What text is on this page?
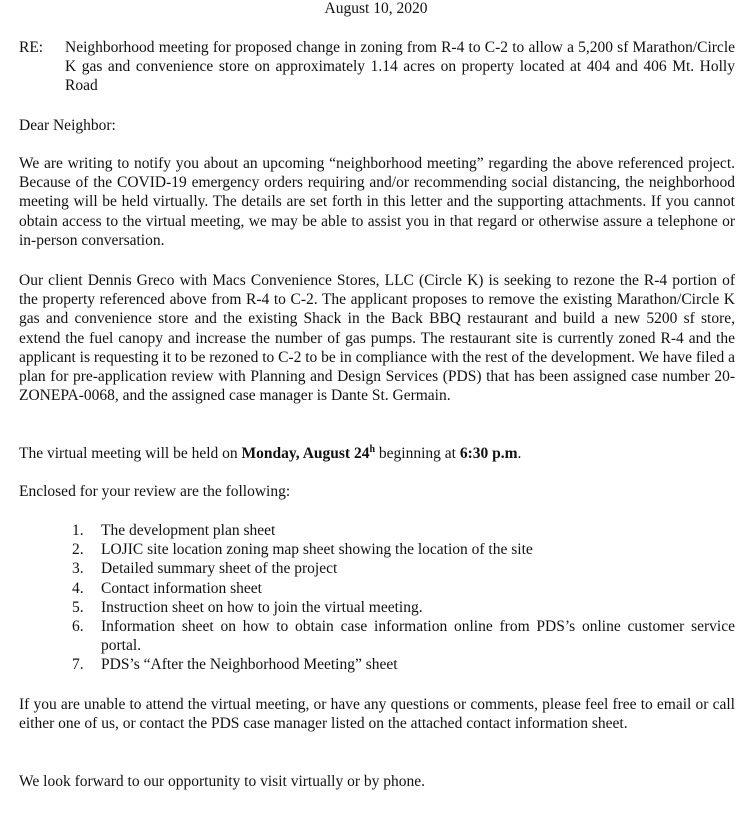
August 10, 2020
RE: Neighborhood meeting for proposed change in zoning from R-4 to C-2 to allow a 5,200 sf Marathon/Circle K gas and convenience store on approximately 1.14 acres on property located at 404 and 406 Mt. Holly Road
Dear Neighbor:
We are writing to notify you about an upcoming “neighborhood meeting” regarding the above referenced project. Because of the COVID-19 emergency orders requiring and/or recommending social distancing, the neighborhood meeting will be held virtually. The details are set forth in this letter and the supporting attachments. If you cannot obtain access to the virtual meeting, we may be able to assist you in that regard or otherwise assure a telephone or in-person conversation.
Our client Dennis Greco with Macs Convenience Stores, LLC (Circle K) is seeking to rezone the R-4 portion of the property referenced above from R-4 to C-2. The applicant proposes to remove the existing Marathon/Circle K gas and convenience store and the existing Shack in the Back BBQ restaurant and build a new 5200 sf store, extend the fuel canopy and increase the number of gas pumps. The restaurant site is currently zoned R-4 and the applicant is requesting it to be rezoned to C-2 to be in compliance with the rest of the development. We have filed a plan for pre-application review with Planning and Design Services (PDS) that has been assigned case number 20-ZONEPA-0068, and the assigned case manager is Dante St. Germain.
The virtual meeting will be held on Monday, August 24$^h$ beginning at 6:30 p.m.
Enclosed for your review are the following:
1. The development plan sheet
2. LOJIC site location zoning map sheet showing the location of the site
3. Detailed summary sheet of the project
4. Contact information sheet
5. Instruction sheet on how to join the virtual meeting.
6. Information sheet on how to obtain case information online from PDS’s online customer service portal.
7. PDS’s “After the Neighborhood Meeting” sheet
If you are unable to attend the virtual meeting, or have any questions or comments, please feel free to email or call either one of us, or contact the PDS case manager listed on the attached contact information sheet.
We look forward to our opportunity to visit virtually or by phone.
